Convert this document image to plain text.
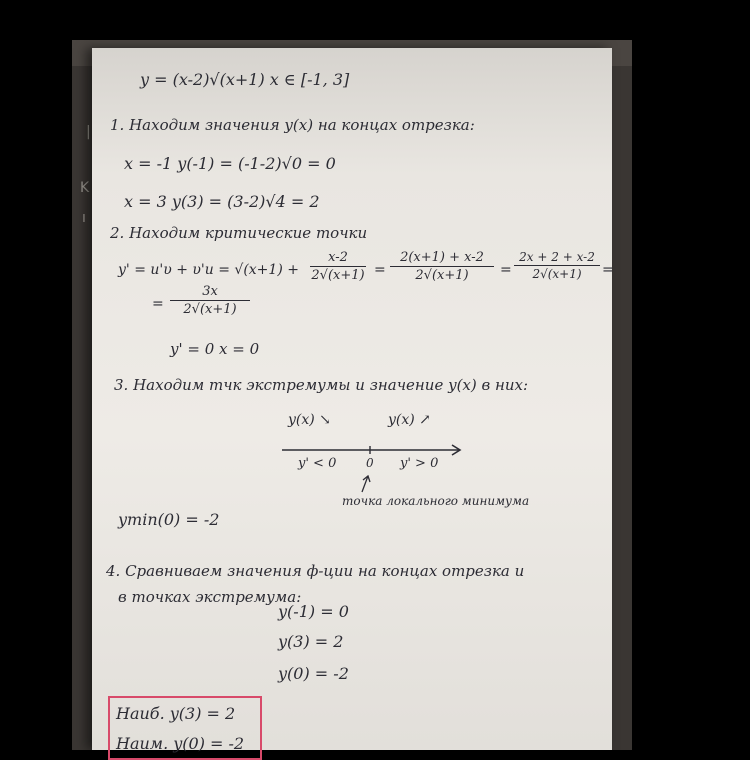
|
K
ı
y = (x-2)√(x+1) x ∈ [-1, 3]
1. Находим значения y(x) на концах отрезка:
x = -1 y(-1) = (-1-2)√0 = 0
x = 3 y(3) = (3-2)√4 = 2
2. Находим критические точки
y' = u'υ + υ'u = √(x+1) +
x-2
2√(x+1) =
2(x+1) + x-2
2√(x+1)	=
2x + 2 + x-2
2√(x+1)	=
=
3x
2√(x+1)
y' = 0 x = 0
3. Находим тчк экстремумы и значение y(x) в них:
y(x) ↘	y(x) ↗
y' < 0 0 y' > 0
точка локального минимума
ymin(0) = -2
4. Сравниваем значения ф-ции на концах отрезка и
в точках экстремума:
y(-1) = 0
y(3) = 2
y(0) = -2
Наиб. y(3) = 2
Наим. y(0) = -2
